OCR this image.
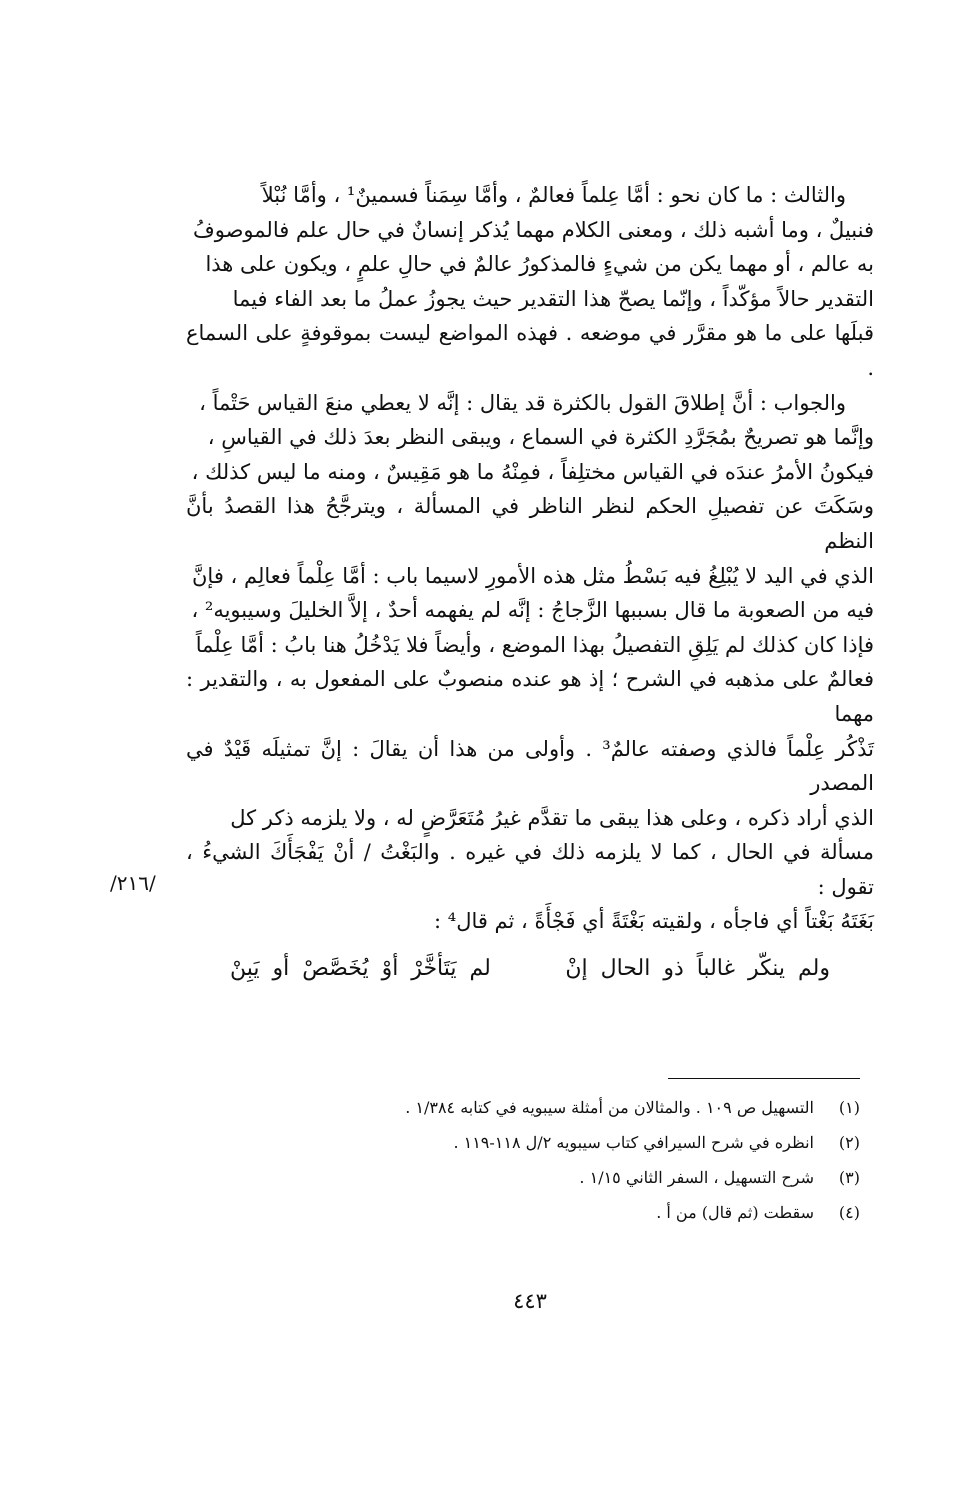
والثالث : ما كان نحو : أمَّا عِلماً فعالمٌ ، وأمَّا سِمَناً فسمينٌ¹ ، وأمَّا نُبْلاً

فنبيلٌ ، وما أشبه ذلك ، ومعنى الكلام مهما يُذكر إنسانٌ في حال علم فالموصوفُ

به عالم ، أو مهما يكن من شيءٍ فالمذكورُ عالمٌ في حالِ علمٍ ، ويكون على هذا

التقدير حالاً مؤكّداً ، وإنّما يصحّ هذا التقدير حيث يجوزُ عملُ ما بعد الفاء فيما

قبلَها على ما هو مقرَّر في موضعه . فهذه المواضع ليست بموقوفةٍ على السماع .

والجواب : أنَّ إطلاقَ القول بالكثرة قد يقال : إنَّه لا يعطي منعَ القياس حَتْماً ،

وإنَّما هو تصريحٌ بمُجَرَّدِ الكثرة في السماع ، ويبقى النظر بعدَ ذلك في القياسِ ،

فيكونُ الأمرُ عندَه في القياس مختلِفاً ، فمِنْهُ ما هو مَقِيسٌ ، ومنه ما ليس كذلك ،

وسَكَتَ عن تفصيلِ الحكم لنظر الناظر في المسألة ، ويترجَّحُ هذا القصدُ بأنَّ النظم

الذي في اليد لا يُبْلِغُ فيه بَسْطُ مثل هذه الأمورِ لاسيما باب : أمَّا عِلْماً فعالِم ، فإنَّ

فيه من الصعوبة ما قال بسببها الزَّجاجُ : إنَّه لم يفهمه أحدٌ ، إلاَّ الخليلَ وسيبويه² ،

فإذا كان كذلك لم يَلِقِ التفصيلُ بهذا الموضع ، وأيضاً فلا يَدْخُلُ هنا بابُ : أمَّا عِلْماً

فعالمٌ على مذهبه في الشرح ؛ إذ هو عنده منصوبٌ على المفعول به ، والتقدير : مهما

تَذْكُر عِلْماً فالذي وصفته عالمٌ³ . وأولى من هذا أن يقالَ : إنَّ تمثيلَه قَيْدٌ في المصدر

الذي أراد ذكره ، وعلى هذا يبقى ما تقدَّم غيرُ مُتَعَرَّضٍ له ، ولا يلزمه ذكر كل

مسألة في الحال ، كما لا يلزمه ذلك في غيره . والبَغْتُ / أنْ يَفْجَأَكَ الشيءُ ، تقول :

بَغَتَهُ بَغْتاً أي فاجأه ، ولقيته بَغْتَةً أي فَجْأَةً ، ثم قال⁴ :

/٢١٦/
ولم ينكّر غالباً ذو الحال إنْ
لم يَتَأخَّرْ أوْ يُخَصَّصْ أو يَبِنْ
(١)
التسهيل ص ١٠٩ . والمثالان من أمثلة سيبويه في كتابه ١/٣٨٤ .
(٢)
انظره في شرح السيرافي كتاب سيبويه ٢/ل ١١٨-١١٩ .
(٣)
شرح التسهيل ، السفر الثاني ١/١٥ .
(٤)
سقطت (ثم قال) من أ .
٤٤٣
